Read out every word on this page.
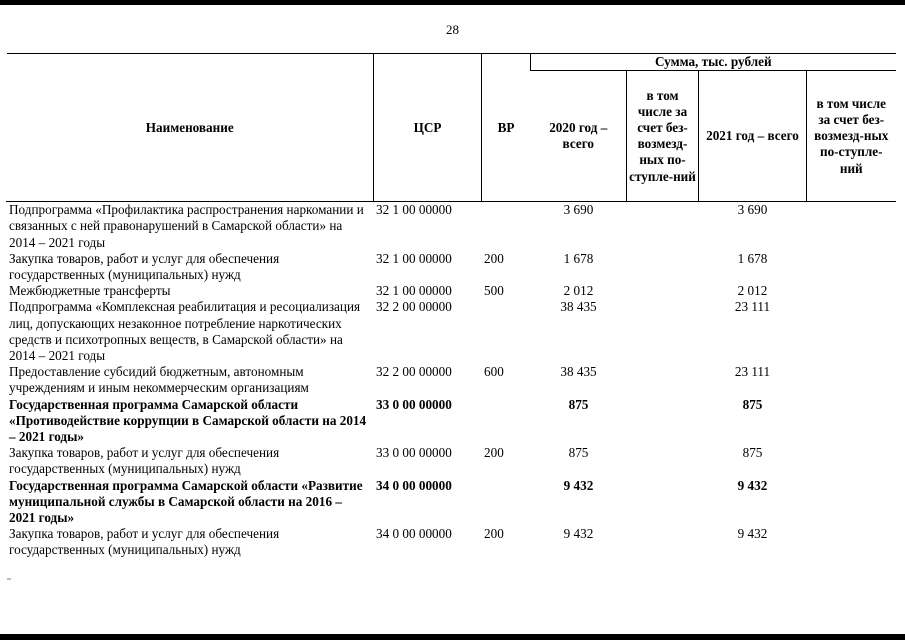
28
Наименование	ЦСР	ВР	Сумма, тыс. рублей			
			2020 год – всего	в том числе за счет без-возмезд-ных по-ступле-ний	2021 год – всего	в том числе за счет без-возмезд-ных по-ступле-ний
Подпрограмма «Профилактика распространения наркомании и связанных с ней правонарушений в Самарской области» на 2014 – 2021 годы	32 1 00 00000		3 690		3 690	
Закупка товаров, работ и услуг для обеспечения государственных (муниципальных) нужд	32 1 00 00000	200	1 678		1 678	
Межбюджетные трансферты	32 1 00 00000	500	2 012		2 012	
Подпрограмма «Комплексная реабилитация и ресоциализация лиц, допускающих незаконное потребление наркотических средств и психотропных веществ, в Самарской области» на 2014 – 2021 годы	32 2 00 00000		38 435		23 111	
Предоставление субсидий бюджетным, автономным учреждениям и иным некоммерческим организациям	32 2 00 00000	600	38 435		23 111	
Государственная программа Самарской области «Противодействие коррупции в Самарской области на 2014 – 2021 годы»	33 0 00 00000		875		875	
Закупка товаров, работ и услуг для обеспечения государственных (муниципальных) нужд	33 0 00 00000	200	875		875	
Государственная программа Самарской области «Развитие муниципальной службы в Самарской области на 2016 – 2021 годы»	34 0 00 00000		9 432		9 432	
Закупка товаров, работ и услуг для обеспечения государственных (муниципальных) нужд	34 0 00 00000	200	9 432		9 432	
